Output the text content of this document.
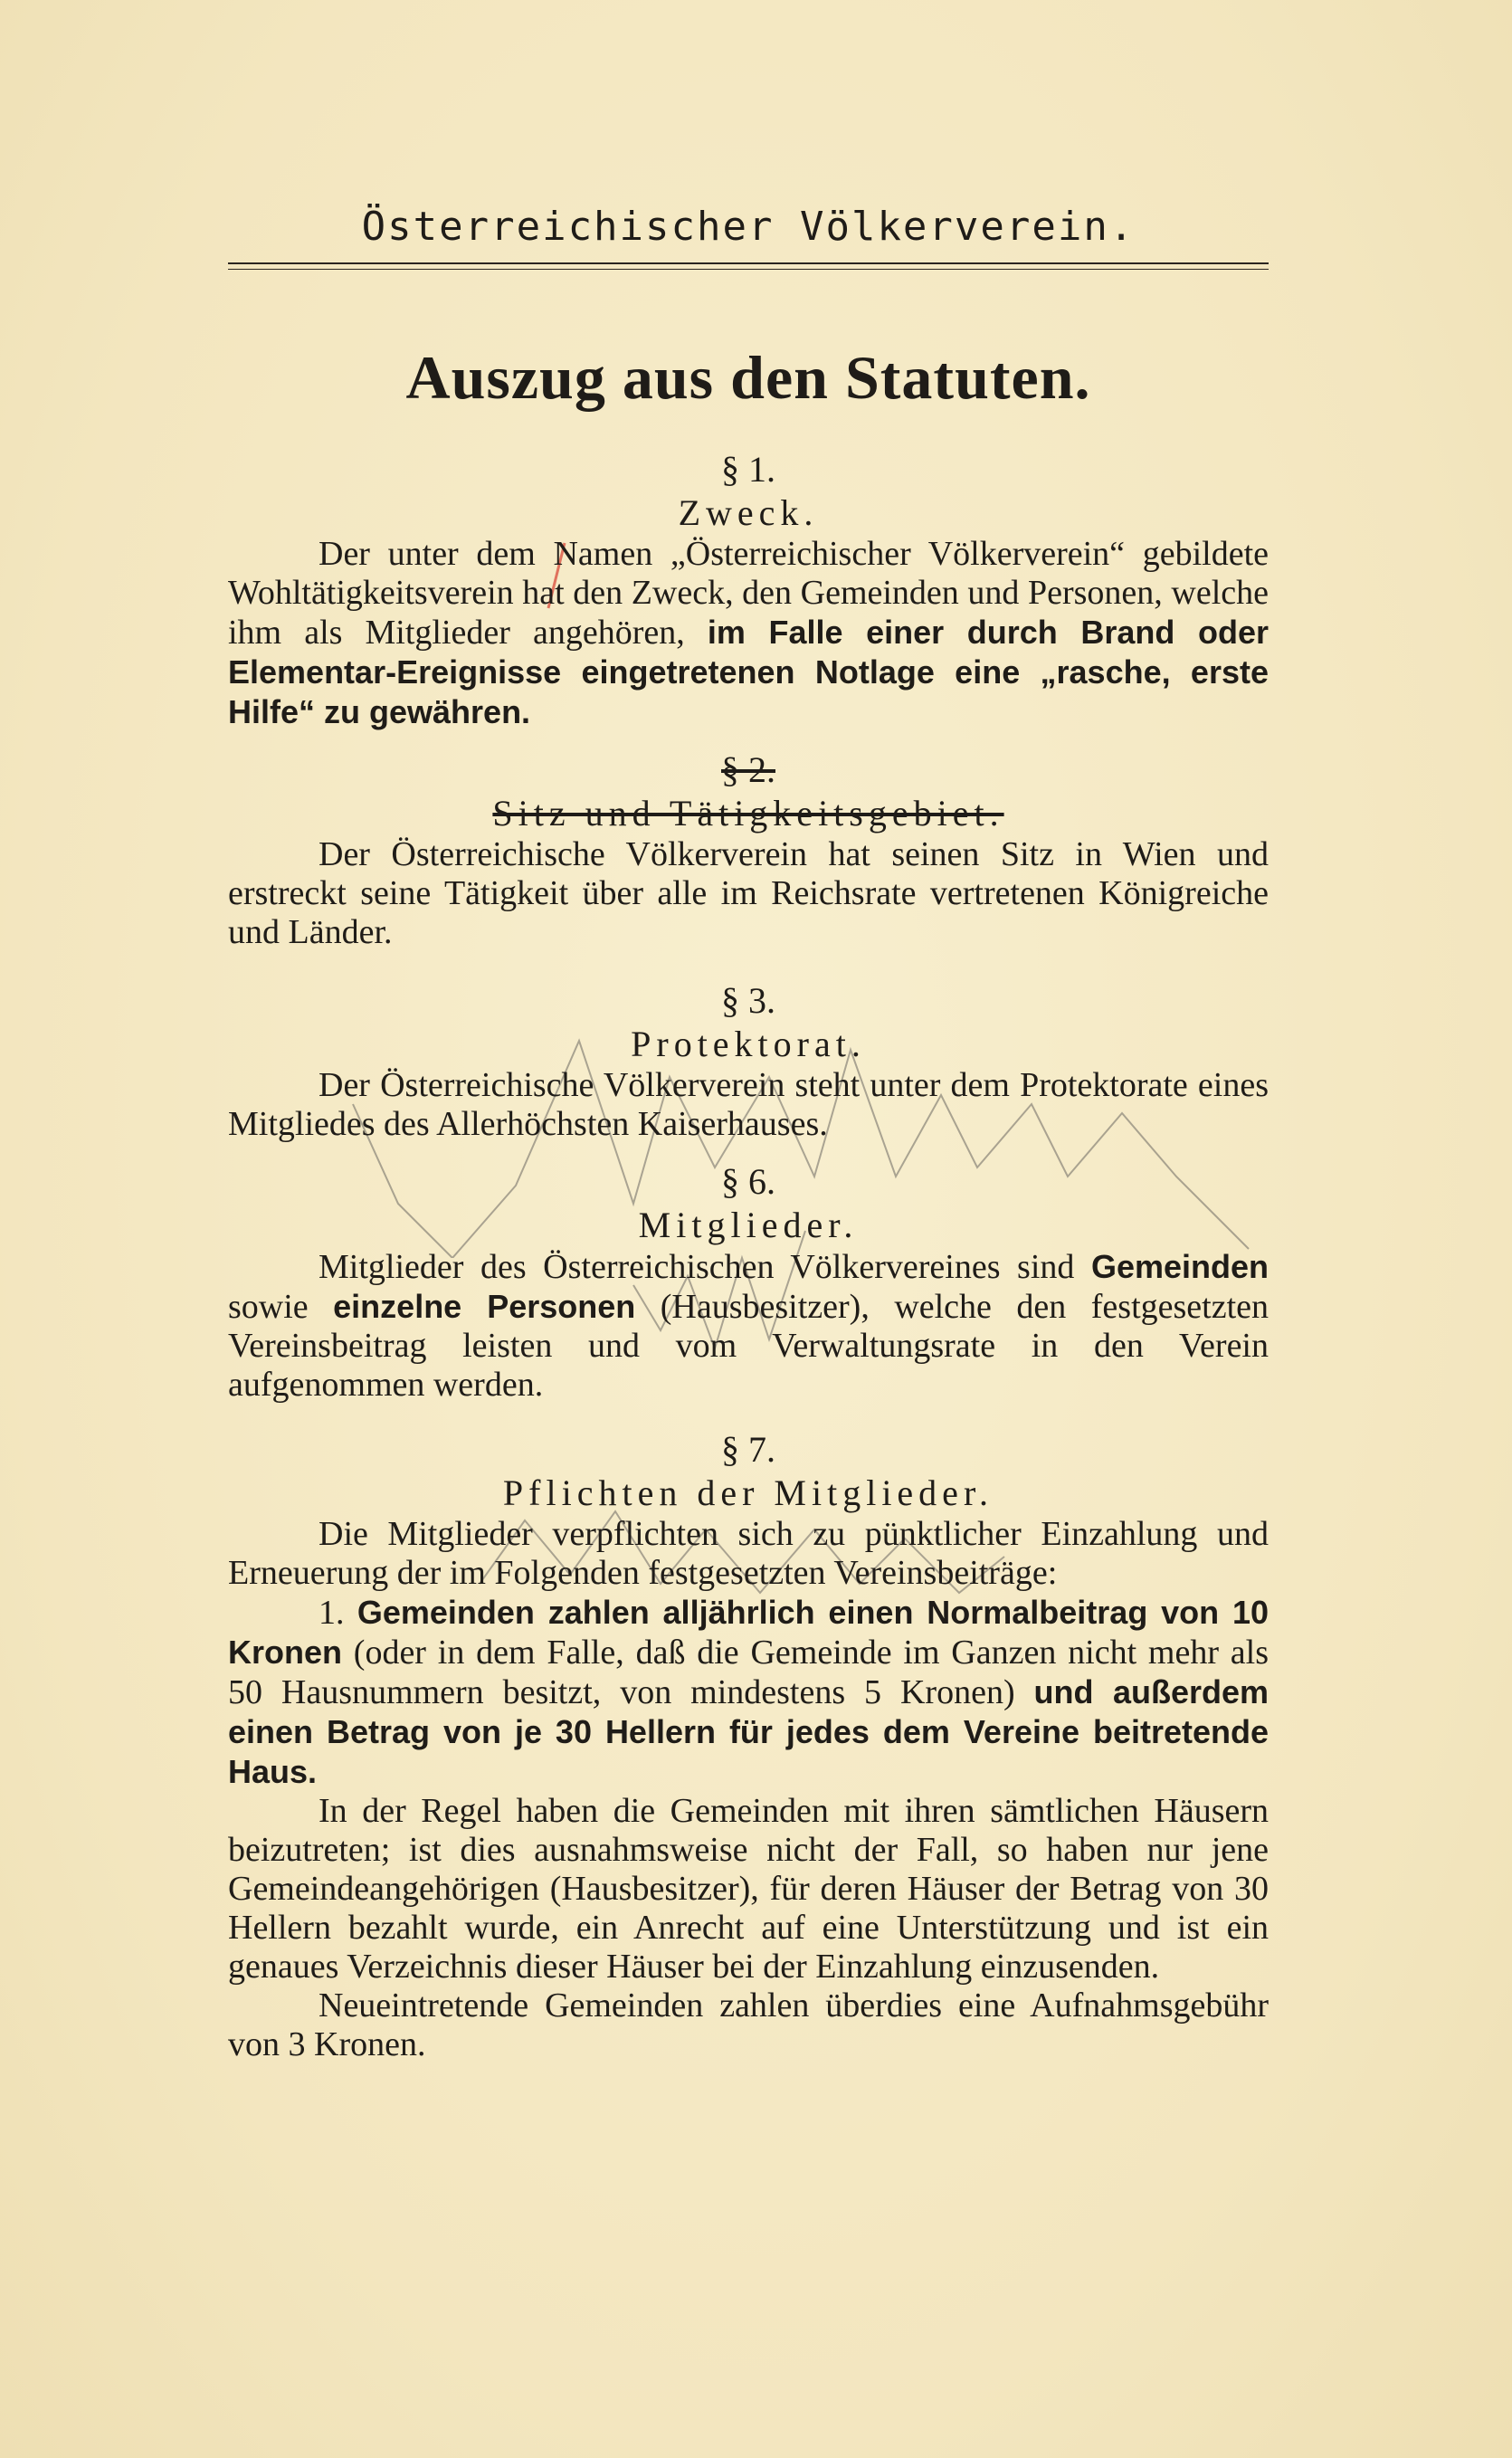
Österreichischer Völkerverein.
Auszug aus den Statuten.
§ 1.
Zweck.

Der unter dem Namen „Österreichischer Völkerverein“ gebildete Wohltätigkeitsverein hat den Zweck, den Gemeinden und Personen, welche ihm als Mitglieder angehören, im Falle einer durch Brand oder Elementar-Ereignisse eingetretenen Notlage eine „rasche, erste Hilfe“ zu gewähren.

§ 2.
Sitz und Tätigkeitsgebiet.

Der Österreichische Völkerverein hat seinen Sitz in Wien und erstreckt seine Tätigkeit über alle im Reichsrate vertretenen Königreiche und Länder.

§ 3.
Protektorat.

Der Österreichische Völkerverein steht unter dem Protektorate eines Mitgliedes des Allerhöchsten Kaiserhauses.

§ 6.
Mitglieder.

Mitglieder des Österreichischen Völkervereines sind Gemeinden sowie einzelne Personen (Hausbesitzer), welche den festgesetzten Vereinsbeitrag leisten und vom Verwaltungsrate in den Verein aufgenommen werden.

§ 7.
Pflichten der Mitglieder.

Die Mitglieder verpflichten sich zu pünktlicher Einzahlung und Erneuerung der im Folgenden festgesetzten Vereinsbeiträge:

1. Gemeinden zahlen alljährlich einen Normalbeitrag von 10 Kronen (oder in dem Falle, daß die Gemeinde im Ganzen nicht mehr als 50 Hausnummern besitzt, von mindestens 5 Kronen) und außerdem einen Betrag von je 30 Hellern für jedes dem Vereine beitretende Haus.

In der Regel haben die Gemeinden mit ihren sämtlichen Häusern beizutreten; ist dies ausnahmsweise nicht der Fall, so haben nur jene Gemeindeangehörigen (Hausbesitzer), für deren Häuser der Betrag von 30 Hellern bezahlt wurde, ein Anrecht auf eine Unterstützung und ist ein genaues Verzeichnis dieser Häuser bei der Einzahlung einzusenden.

Neueintretende Gemeinden zahlen überdies eine Aufnahmsgebühr von 3 Kronen.
